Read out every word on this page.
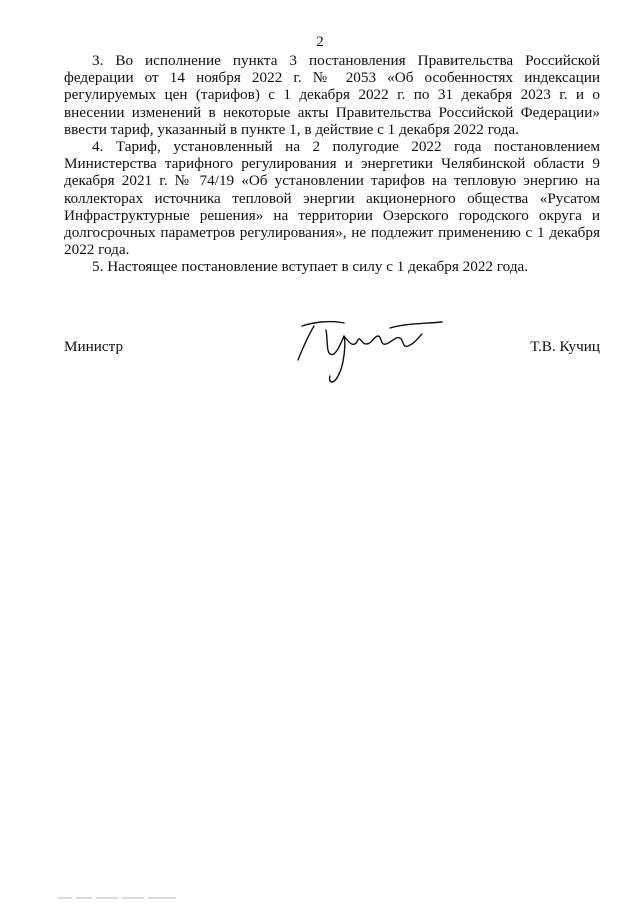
2

3. Во исполнение пункта 3 постановления Правительства Российской федерации от 14 ноября 2022 г. № 2053 «Об особенностях индексации регулируемых цен (тарифов) с 1 декабря 2022 г. по 31 декабря 2023 г. и о внесении изменений в некоторые акты Правительства Российской Федерации» ввести тариф, указанный в пункте 1, в действие с 1 декабря 2022 года.

4. Тариф, установленный на 2 полугодие 2022 года постановлением Министерства тарифного регулирования и энергетики Челябинской области 9 декабря 2021 г. № 74/19 «Об установлении тарифов на тепловую энергию на коллекторах источника тепловой энергии акционерного общества «Русатом Инфраструктурные решения» на территории Озерского городского округа и долгосрочных параметров регулирования», не подлежит применению с 1 декабря 2022 года.

5. Настоящее постановление вступает в силу с 1 декабря 2022 года.

Министр	Т.В. Кучиц
